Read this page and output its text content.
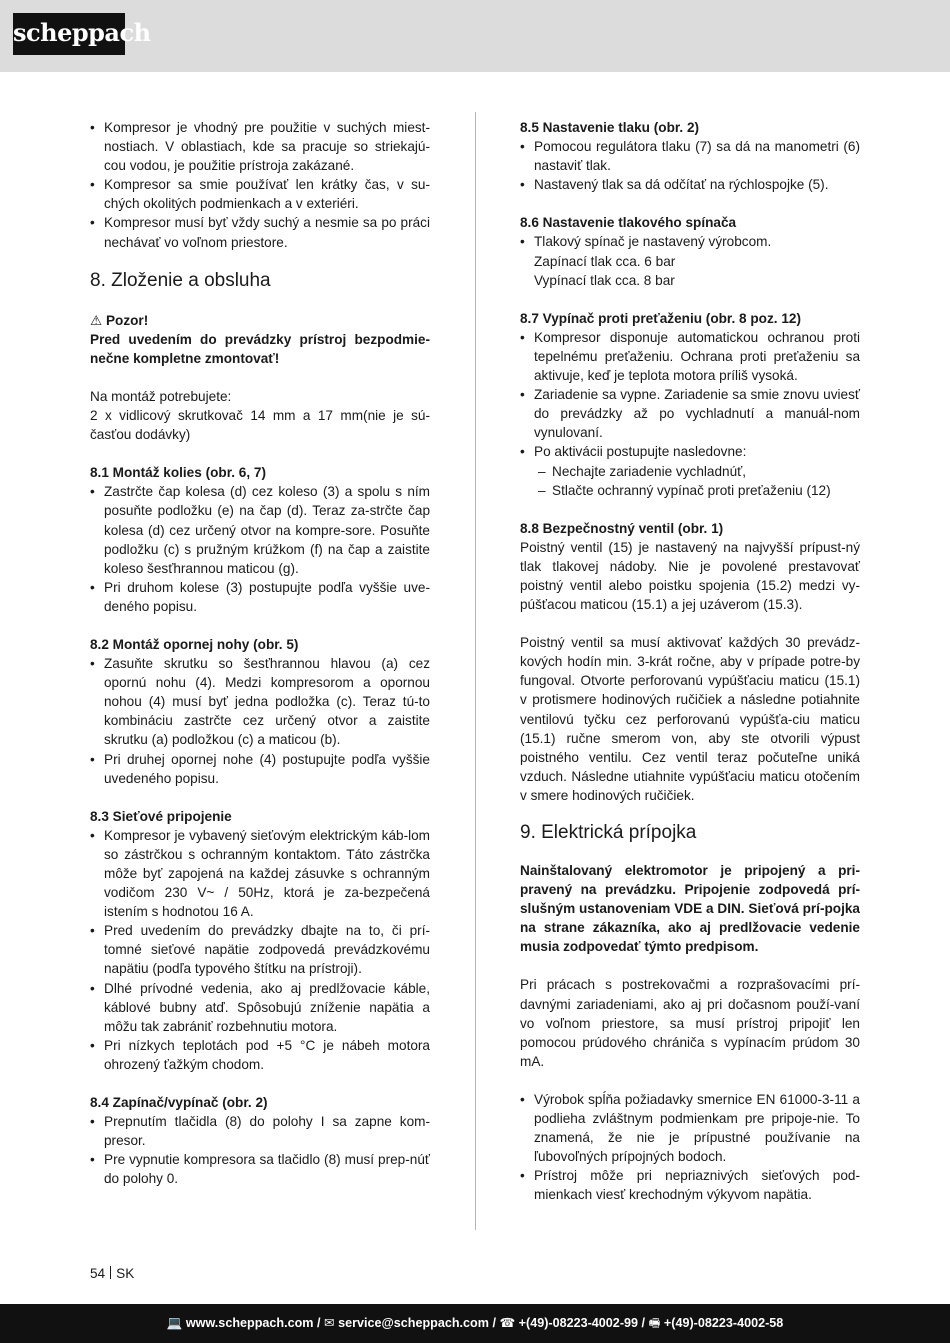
scheppach
• Kompresor je vhodný pre použitie v suchých miest-nostiach. V oblastiach, kde sa pracuje so striekajú-cou vodou, je použitie prístroja zakázané.
• Kompresor sa smie používať len krátky čas, v su-chých okolitých podmienkach a v exteriéri.
• Kompresor musí byť vždy suchý a nesmie sa po práci nechávať vo voľnom priestore.
8. Zloženie a obsluha

⚠ Pozor!

Pred uvedením do prevádzky prístroj bezpodmie-nečne kompletne zmontovať!

Na montáž potrebujete:

2 x vidlicový skrutkovač 14 mm a 17 mm(nie je sú-časťou dodávky)

8.1 Montáž kolies (obr. 6, 7)

• Zastrčte čap kolesa (d) cez koleso (3) a spolu s ním posuňte podložku (e) na čap (d). Teraz za-strčte čap kolesa (d) cez určený otvor na kompre-sore. Posuňte podložku (c) s pružným krúžkom (f) na čap a zaistite koleso šesťhrannou maticou (g).
• Pri druhom kolese (3) postupujte podľa vyššie uve-deného popisu.

8.2 Montáž opornej nohy (obr. 5)

• Zasuňte skrutku so šesťhrannou hlavou (a) cez opornú nohu (4). Medzi kompresorom a opornou nohou (4) musí byť jedna podložka (c). Teraz tú-to kombináciu zastrčte cez určený otvor a zaistite skrutku (a) podložkou (c) a maticou (b).
• Pri druhej opornej nohe (4) postupujte podľa vyššie uvedeného popisu.

8.3 Sieťové pripojenie

• Kompresor je vybavený sieťovým elektrickým káb-lom so zástrčkou s ochranným kontaktom. Táto zástrčka môže byť zapojená na každej zásuvke s ochranným vodičom 230 V~ / 50Hz, ktorá je za-bezpečená istením s hodnotou 16 A.
• Pred uvedením do prevádzky dbajte na to, či prí-tomné sieťové napätie zodpovedá prevádzkovému napätiu (podľa typového štítku na prístroji).
• Dlhé prívodné vedenia, ako aj predlžovacie káble, káblové bubny atď. Spôsobujú zníženie napätia a môžu tak zabrániť rozbehnutiu motora.
• Pri nízkych teplotách pod +5 °C je nábeh motora ohrozený ťažkým chodom.

8.4 Zapínač/vypínač (obr. 2)

• Prepnutím tlačidla (8) do polohy I sa zapne kom-presor.
• Pre vypnutie kompresora sa tlačidlo (8) musí prep-núť do polohy 0.

8.5 Nastavenie tlaku (obr. 2)

• Pomocou regulátora tlaku (7) sa dá na manometri (6) nastaviť tlak.
• Nastavený tlak sa dá odčítať na rýchlospojke (5).

8.6 Nastavenie tlakového spínača

• Tlakový spínač je nastavený výrobcom.

Zapínací tlak cca. 6 bar

Vypínací tlak cca. 8 bar

8.7 Vypínač proti preťaženiu (obr. 8 poz. 12)

• Kompresor disponuje automatickou ochranou proti tepelnému preťaženiu. Ochrana proti preťaženiu sa aktivuje, keď je teplota motora príliš vysoká.
• Zariadenie sa vypne. Zariadenie sa smie znovu uviesť do prevádzky až po vychladnutí a manuál-nom vynulovaní.
• Po aktivácii postupujte nasledovne:
– Nechajte zariadenie vychladnúť,
– Stlačte ochranný vypínač proti preťaženiu (12)

8.8 Bezpečnostný ventil (obr. 1)

Poistný ventil (15) je nastavený na najvyšší prípust-ný tlak tlakovej nádoby. Nie je povolené prestavovať poistný ventil alebo poistku spojenia (15.2) medzi vy-púšťacou maticou (15.1) a jej uzáverom (15.3).

Poistný ventil sa musí aktivovať každých 30 prevádz-kových hodín min. 3-krát ročne, aby v prípade potre-by fungoval. Otvorte perforovanú vypúšťaciu maticu (15.1) v protismere hodinových ručičiek a následne potiahnite ventilovú tyčku cez perforovanú vypúšťa-ciu maticu (15.1) ručne smerom von, aby ste otvorili výpust poistného ventilu. Cez ventil teraz počuteľne uniká vzduch. Následne utiahnite vypúšťaciu maticu otočením v smere hodinových ručičiek.

9. Elektrická prípojka

Nainštalovaný elektromotor je pripojený a pri-pravený na prevádzku. Pripojenie zodpovedá prí-slušným ustanoveniam VDE a DIN. Sieťová prí-pojka na strane zákazníka, ako aj predlžovacie vedenie musia zodpovedať týmto predpisom.

Pri prácach s postrekovačmi a rozprašovacími prí-davnými zariadeniami, ako aj pri dočasnom použí-vaní vo voľnom priestore, sa musí prístroj pripojiť len pomocou prúdového chrániča s vypínacím prúdom 30 mA.

• Výrobok spĺňa požiadavky smernice EN 61000-3-11 a podlieha zvláštnym podmienkam pre pripoje-nie. To znamená, že nie je prípustné používanie na ľubovoľných prípojných bodoch.
• Prístroj môže pri nepriaznivých sieťových pod-mienkach viesť krechodným výkyvom napätia.
54 SK
💻 www.scheppach.com / ✉ service@scheppach.com / ☎ +(49)-08223-4002-99 / 🖷 +(49)-08223-4002-58
